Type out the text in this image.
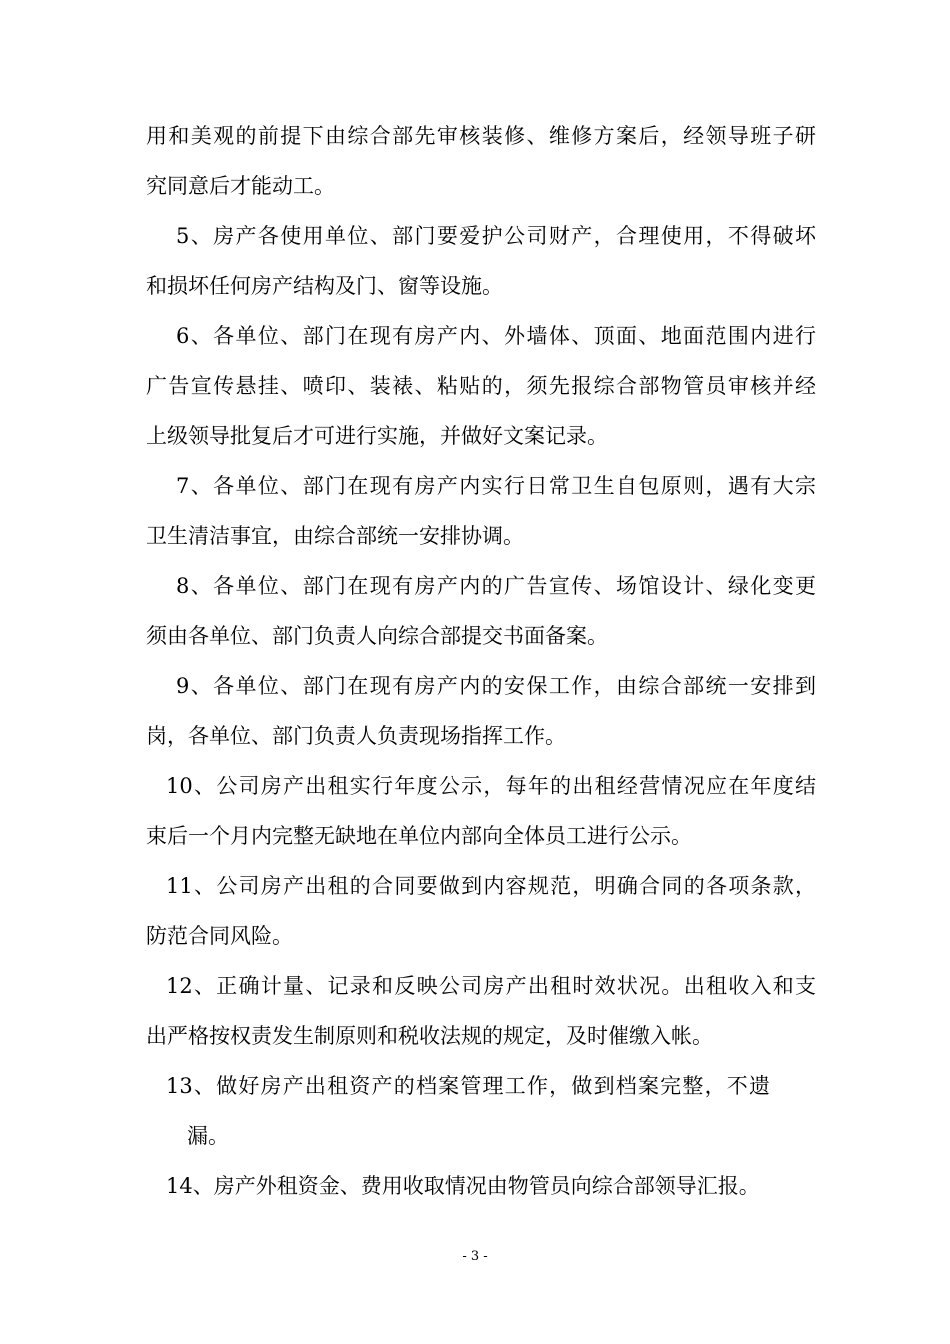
用和美观的前提下由综合部先审核装修、维修方案后，经领导班子研
究同意后才能动工。
5、房产各使用单位、部门要爱护公司财产，合理使用，不得破坏
和损坏任何房产结构及门、窗等设施。
6、各单位、部门在现有房产内、外墙体、顶面、地面范围内进行
广告宣传悬挂、喷印、装裱、粘贴的，须先报综合部物管员审核并经
上级领导批复后才可进行实施，并做好文案记录。
7、各单位、部门在现有房产内实行日常卫生自包原则，遇有大宗
卫生清洁事宜，由综合部统一安排协调。
8、各单位、部门在现有房产内的广告宣传、场馆设计、绿化变更
须由各单位、部门负责人向综合部提交书面备案。
9、各单位、部门在现有房产内的安保工作，由综合部统一安排到
岗，各单位、部门负责人负责现场指挥工作。
10、公司房产出租实行年度公示，每年的出租经营情况应在年度结
束后一个月内完整无缺地在单位内部向全体员工进行公示。
11、公司房产出租的合同要做到内容规范，明确合同的各项条款，
防范合同风险。
12、正确计量、记录和反映公司房产出租时效状况。出租收入和支
出严格按权责发生制原则和税收法规的规定，及时催缴入帐。
13、做好房产出租资产的档案管理工作，做到档案完整，不遗
漏。
14、房产外租资金、费用收取情况由物管员向综合部领导汇报。
- 3 -
